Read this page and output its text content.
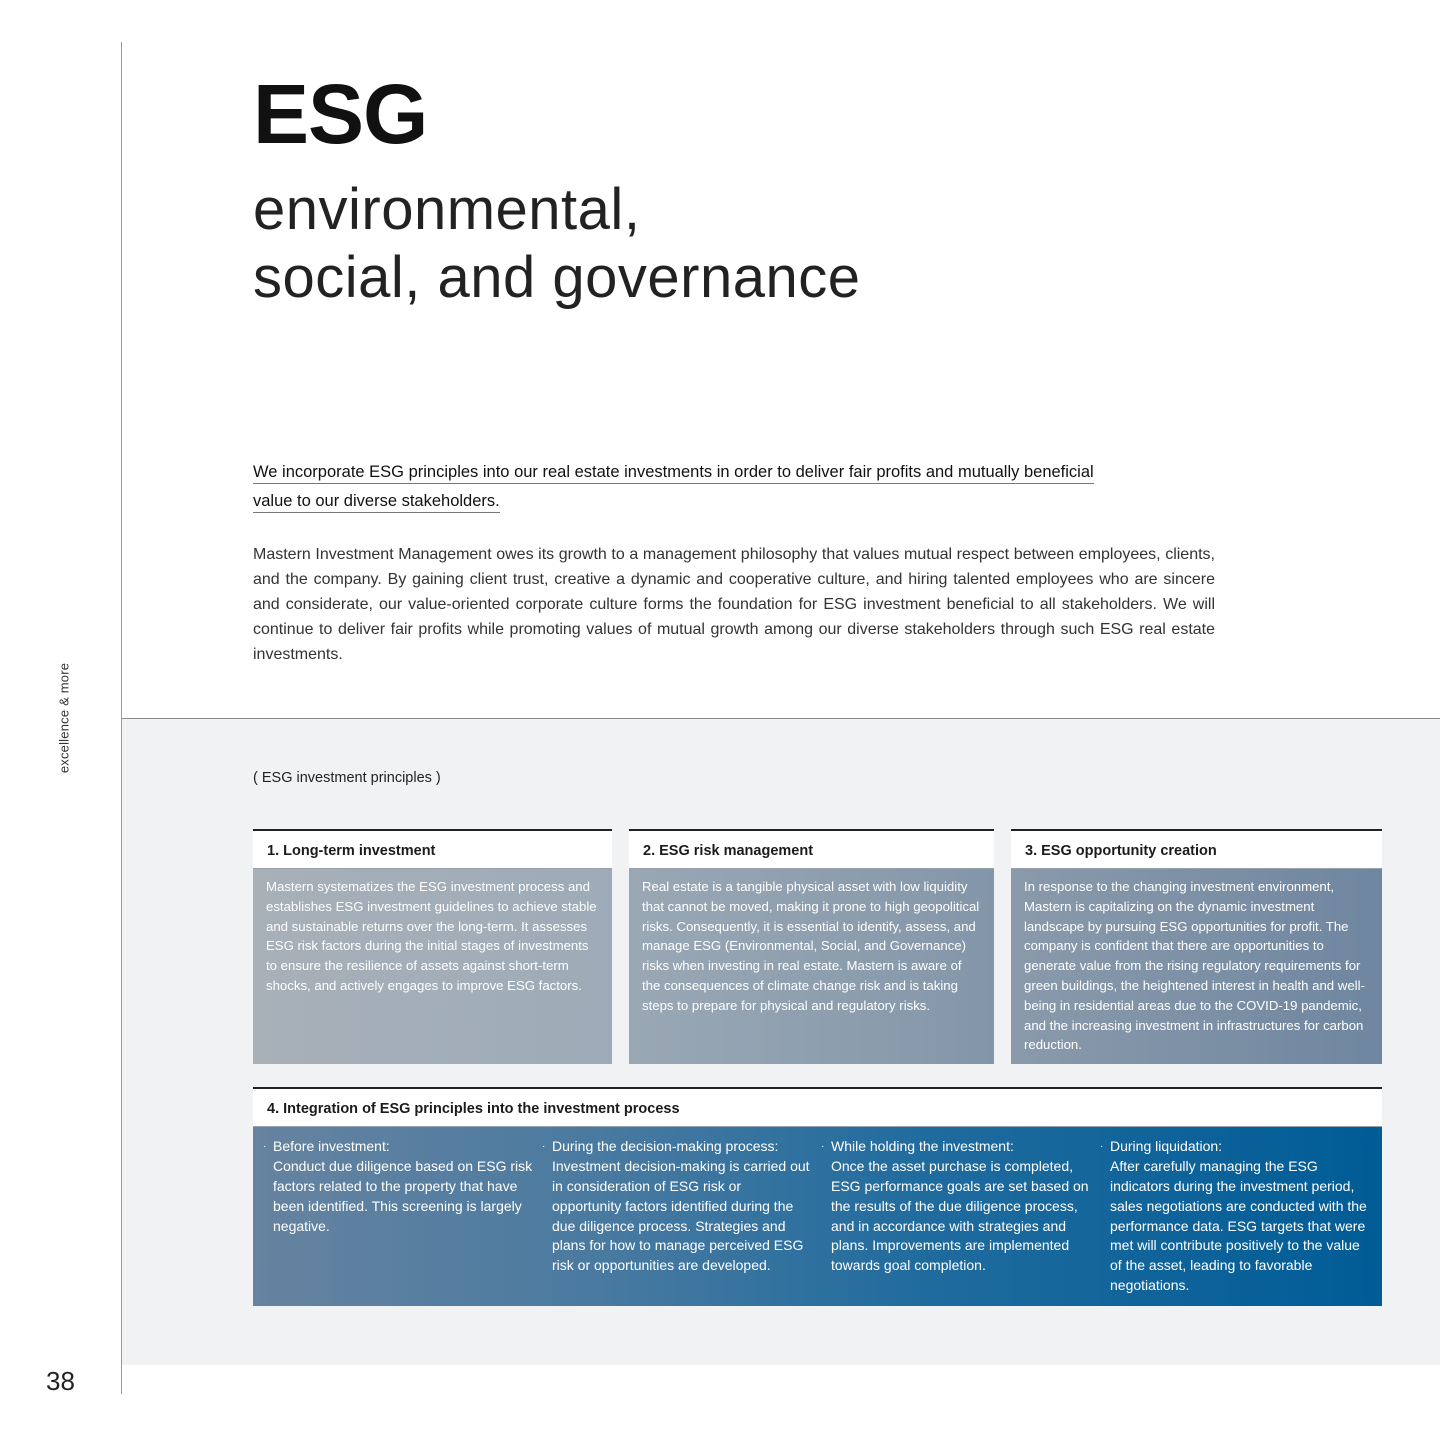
excellence & more
38
ESG
environmental,
social, and governance

We incorporate ESG principles into our real estate investments in order to deliver fair profits and mutually beneficial value to our diverse stakeholders.

Mastern Investment Management owes its growth to a management philosophy that values mutual respect between employees, clients, and the company. By gaining client trust, creative a dynamic and cooperative culture, and hiring talented employees who are sincere and considerate, our value-oriented corporate culture forms the foundation for ESG investment beneficial to all stakeholders. We will continue to deliver fair profits while promoting values of mutual growth among our diverse stakeholders through such ESG real estate investments.

( ESG investment principles )
1. Long-term investment
Mastern systematizes the ESG investment process and establishes ESG investment guidelines to achieve stable and sustainable returns over the long-term. It assesses ESG risk factors during the initial stages of investments to ensure the resilience of assets against short-term shocks, and actively engages to improve ESG factors.
2. ESG risk management
Real estate is a tangible physical asset with low liquidity that cannot be moved, making it prone to high geopolitical risks. Consequently, it is essential to identify, assess, and manage ESG (Environmental, Social, and Governance) risks when investing in real estate. Mastern is aware of the consequences of climate change risk and is taking steps to prepare for physical and regulatory risks.
3. ESG opportunity creation
In response to the changing investment environment, Mastern is capitalizing on the dynamic investment landscape by pursuing ESG opportunities for profit. The company is confident that there are opportunities to generate value from the rising regulatory requirements for green buildings, the heightened interest in health and well-being in residential areas due to the COVID-19 pandemic, and the increasing investment in infrastructures for carbon reduction.
4. Integration of ESG principles into the investment process
· Before investment:
Conduct due diligence based on ESG risk factors related to the property that have been identified. This screening is largely negative.
· During the decision-making process:
Investment decision-making is carried out in consideration of ESG risk or opportunity factors identified during the due diligence process. Strategies and plans for how to manage perceived ESG risk or opportunities are developed.
· While holding the investment:
Once the asset purchase is completed, ESG performance goals are set based on the results of the due diligence process, and in accordance with strategies and plans. Improvements are implemented towards goal completion.
· During liquidation:
After carefully managing the ESG indicators during the investment period, sales negotiations are conducted with the performance data. ESG targets that were met will contribute positively to the value of the asset, leading to favorable negotiations.
